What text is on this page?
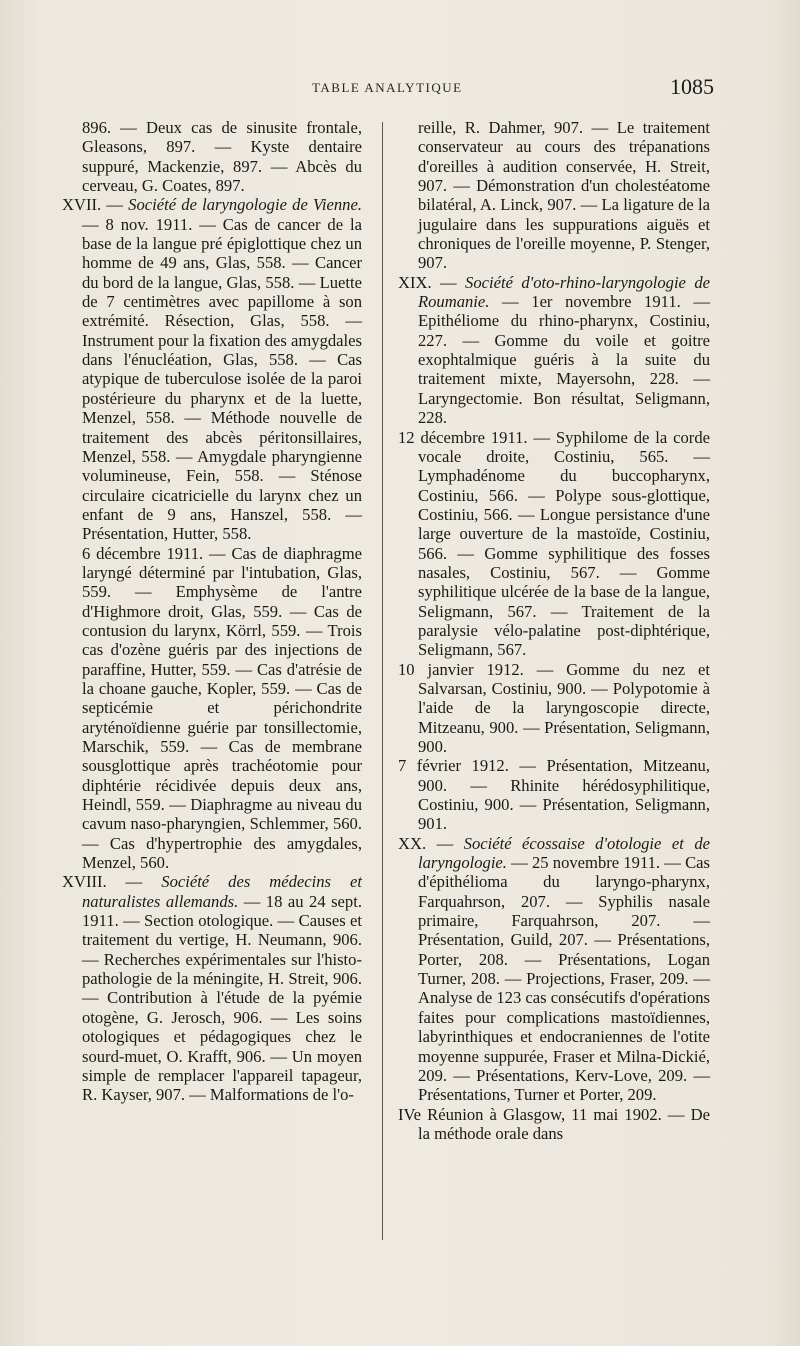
TABLE ANALYTIQUE	1085

896. — Deux cas de sinusite frontale, Gleasons, 897. — Kyste dentaire suppuré, Mackenzie, 897. — Abcès du cerveau, G. Coates, 897.

XVII. — Société de laryngologie de Vienne. — 8 nov. 1911. — Cas de cancer de la base de la langue pré épiglottique chez un homme de 49 ans, Glas, 558. — Cancer du bord de la langue, Glas, 558. — Luette de 7 centimètres avec papillome à son extrémité. Résection, Glas, 558. — Instrument pour la fixation des amygdales dans l'énucléation, Glas, 558. — Cas atypique de tuberculose isolée de la paroi postérieure du pharynx et de la luette, Menzel, 558. — Méthode nouvelle de traitement des abcès péritonsillaires, Menzel, 558. — Amygdale pharyngienne volumineuse, Fein, 558. — Sténose circulaire cicatricielle du larynx chez un enfant de 9 ans, Hanszel, 558. — Présentation, Hutter, 558.

6 décembre 1911. — Cas de diaphragme laryngé déterminé par l'intubation, Glas, 559. — Emphysème de l'antre d'Highmore droit, Glas, 559. — Cas de contusion du larynx, Körrl, 559. — Trois cas d'ozène guéris par des injections de paraffine, Hutter, 559. — Cas d'atrésie de la choane gauche, Kopler, 559. — Cas de septicémie et périchondrite aryténoïdienne guérie par tonsillectomie, Marschik, 559. — Cas de membrane sousglottique après trachéotomie pour diphtérie récidivée depuis deux ans, Heindl, 559. — Diaphragme au niveau du cavum naso-pharyngien, Schlemmer, 560. — Cas d'hypertrophie des amygdales, Menzel, 560.

XVIII. — Société des médecins et naturalistes allemands. — 18 au 24 sept. 1911. — Section otologique. — Causes et traitement du vertige, H. Neumann, 906. — Recherches expérimentales sur l'histo-pathologie de la méningite, H. Streit, 906. — Contribution à l'étude de la pyémie otogène, G. Jerosch, 906. — Les soins otologiques et pédagogiques chez le sourd-muet, O. Krafft, 906. — Un moyen simple de remplacer l'appareil tapageur, R. Kayser, 907. — Malformations de l'o-

reille, R. Dahmer, 907. — Le traitement conservateur au cours des trépanations d'oreilles à audition conservée, H. Streit, 907. — Démonstration d'un cholestéatome bilatéral, A. Linck, 907. — La ligature de la jugulaire dans les suppurations aiguës et chroniques de l'oreille moyenne, P. Stenger, 907.

XIX. — Société d'oto-rhino-laryngologie de Roumanie. — 1er novembre 1911. — Epithéliome du rhino-pharynx, Costiniu, 227. — Gomme du voile et goitre exophtalmique guéris à la suite du traitement mixte, Mayersohn, 228. — Laryngectomie. Bon résultat, Seligmann, 228.

12 décembre 1911. — Syphilome de la corde vocale droite, Costiniu, 565. — Lymphadénome du buccopharynx, Costiniu, 566. — Polype sous-glottique, Costiniu, 566. — Longue persistance d'une large ouverture de la mastoïde, Costiniu, 566. — Gomme syphilitique des fosses nasales, Costiniu, 567. — Gomme syphilitique ulcérée de la base de la langue, Seligmann, 567. — Traitement de la paralysie vélo-palatine post-diphtérique, Seligmann, 567.

10 janvier 1912. — Gomme du nez et Salvarsan, Costiniu, 900. — Polypotomie à l'aide de la laryngoscopie directe, Mitzeanu, 900. — Présentation, Seligmann, 900.

7 février 1912. — Présentation, Mitzeanu, 900. — Rhinite hérédosyphilitique, Costiniu, 900. — Présentation, Seligmann, 901.

XX. — Société écossaise d'otologie et de laryngologie. — 25 novembre 1911. — Cas d'épithélioma du laryngo-pharynx, Farquahrson, 207. — Syphilis nasale primaire, Farquahrson, 207. — Présentation, Guild, 207. — Présentations, Porter, 208. — Présentations, Logan Turner, 208. — Projections, Fraser, 209. — Analyse de 123 cas consécutifs d'opérations faites pour complications mastoïdiennes, labyrinthiques et endocraniennes de l'otite moyenne suppurée, Fraser et Milna-Dickié, 209. — Présentations, Kerv-Love, 209. — Présentations, Turner et Porter, 209.

IVe Réunion à Glasgow, 11 mai 1902. — De la méthode orale dans
